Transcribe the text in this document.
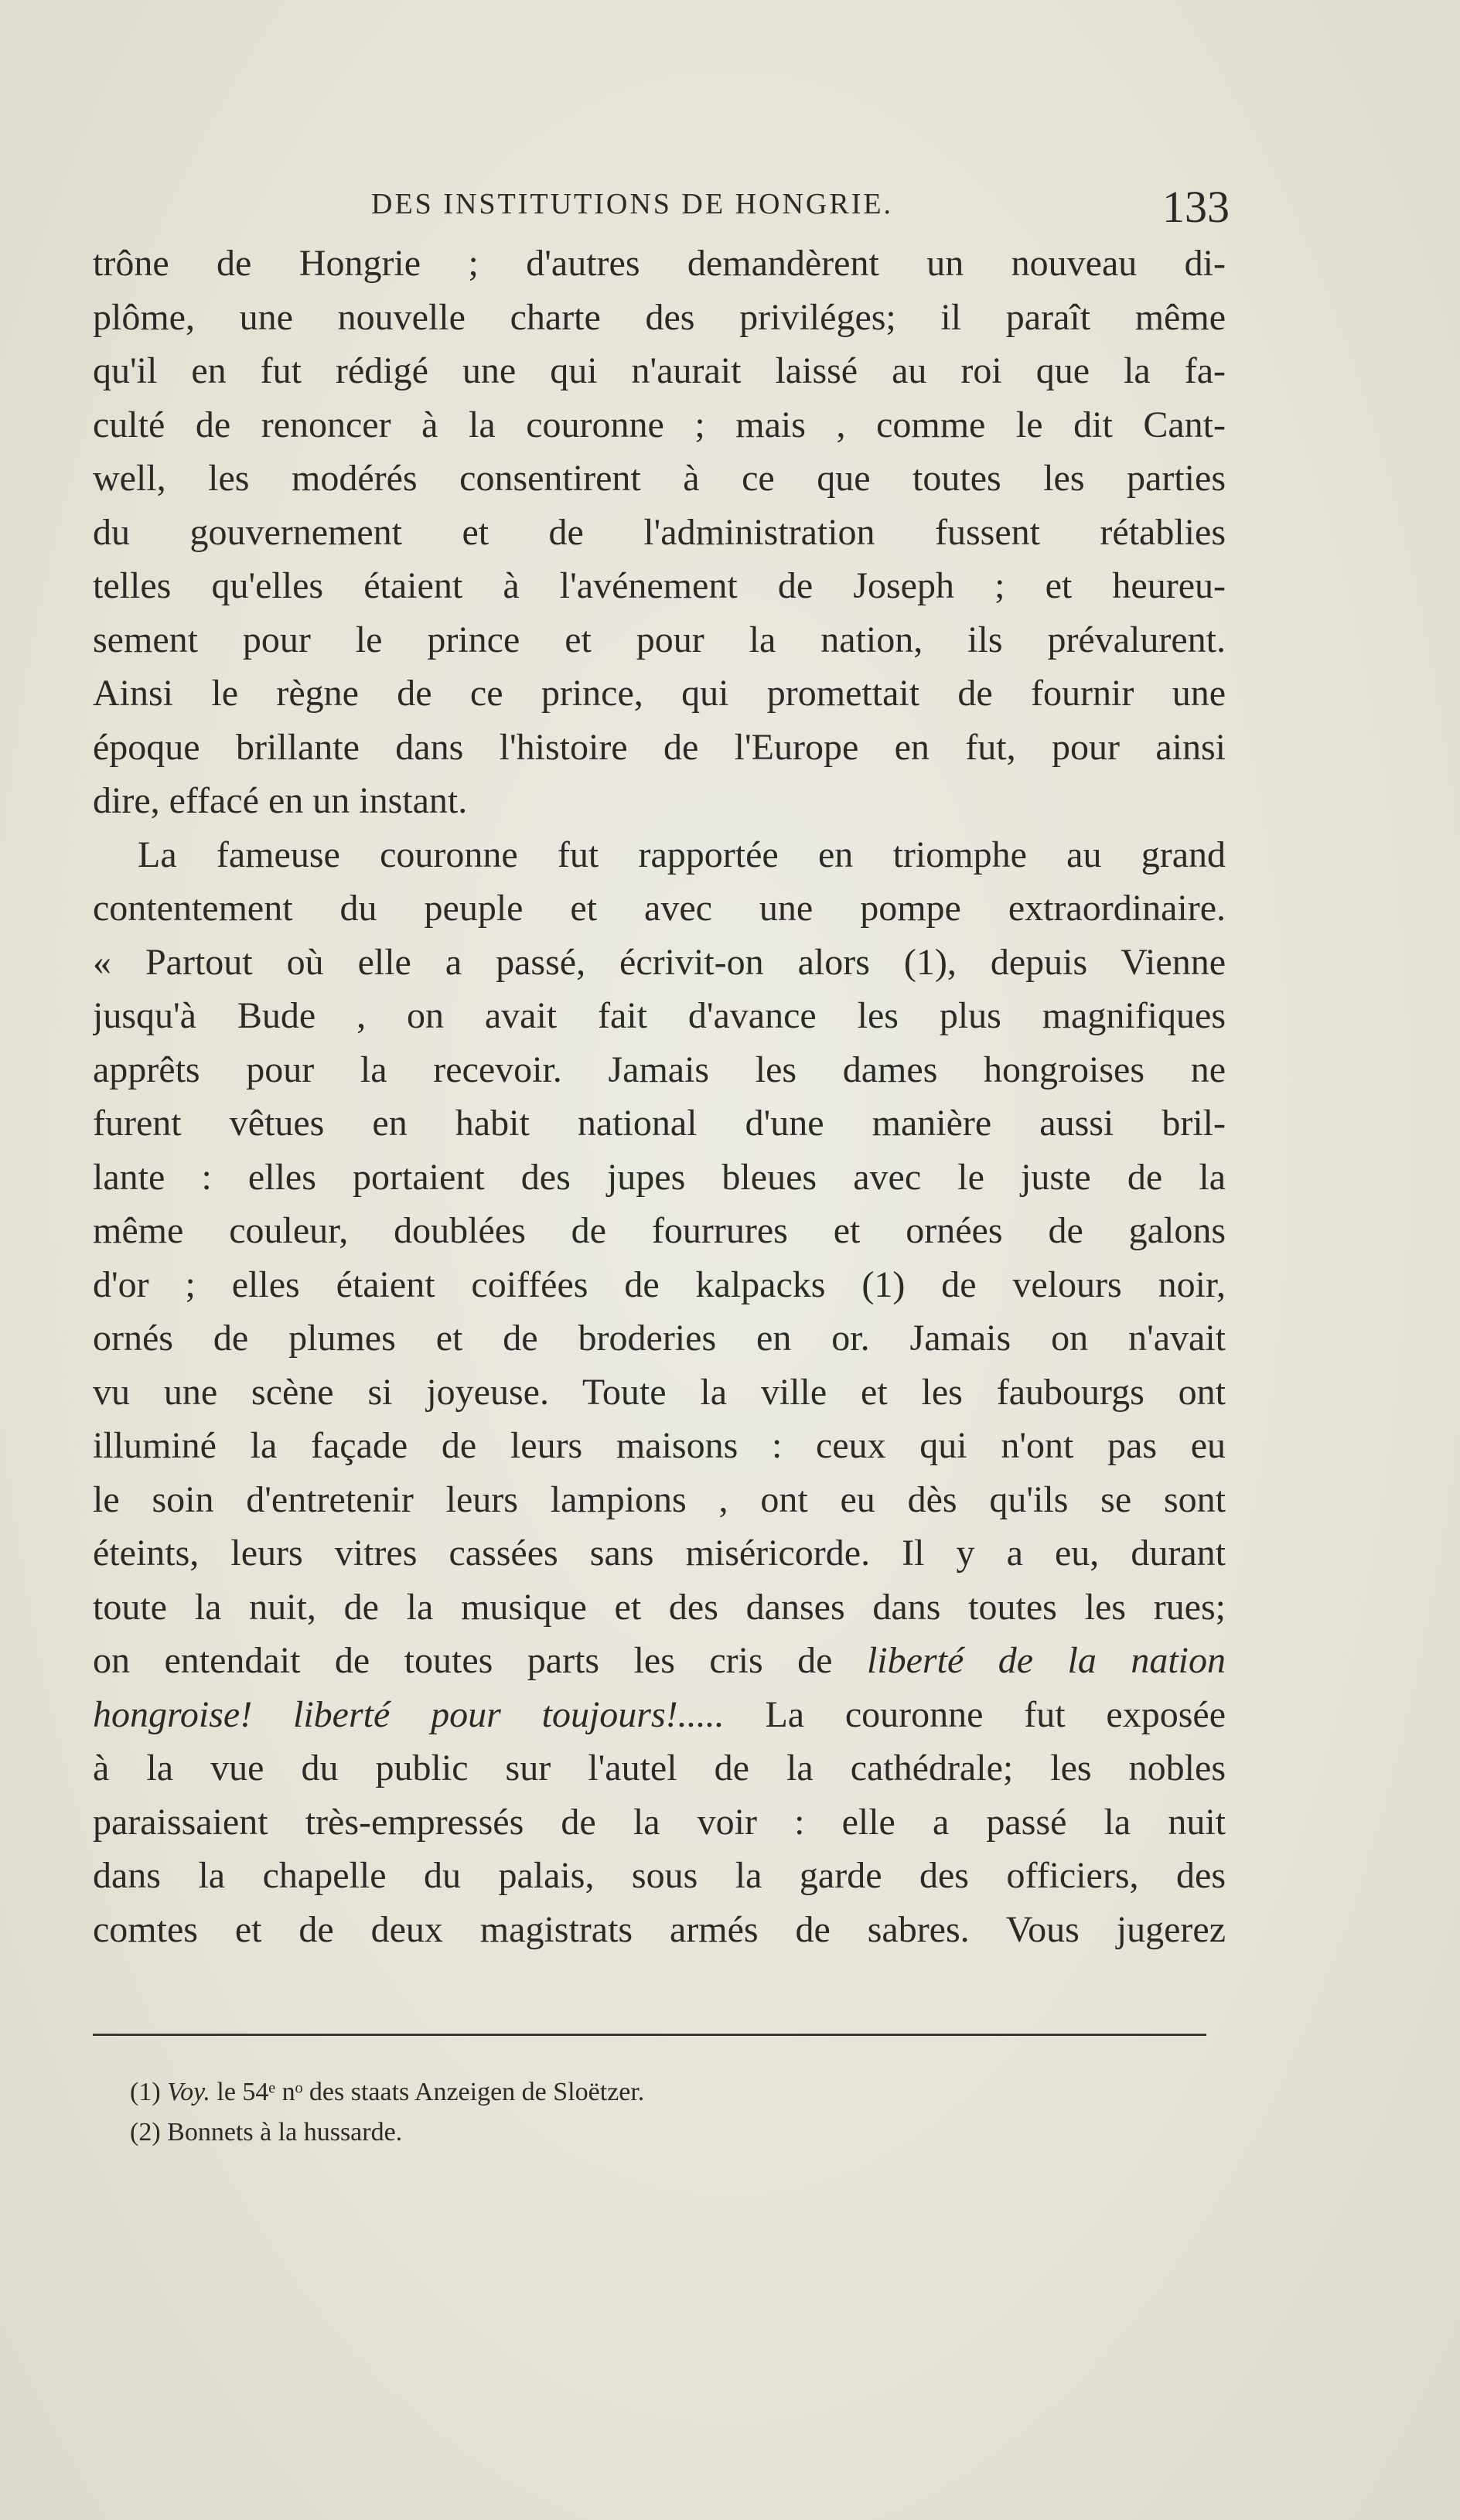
DES INSTITUTIONS DE HONGRIE.	133
trône de Hongrie ; d'autres demandèrent un nouveau di-
plôme, une nouvelle charte des priviléges; il paraît même
qu'il en fut rédigé une qui n'aurait laissé au roi que la fa-
culté de renoncer à la couronne ; mais , comme le dit Cant-
well, les modérés consentirent à ce que toutes les parties
du gouvernement et de l'administration fussent rétablies
telles qu'elles étaient à l'avénement de Joseph ; et heureu-
sement pour le prince et pour la nation, ils prévalurent.
Ainsi le règne de ce prince, qui promettait de fournir une
époque brillante dans l'histoire de l'Europe en fut, pour ainsi
dire, effacé en un instant.
La fameuse couronne fut rapportée en triomphe au grand
contentement du peuple et avec une pompe extraordinaire.
« Partout où elle a passé, écrivit-on alors (1), depuis Vienne
jusqu'à Bude , on avait fait d'avance les plus magnifiques
apprêts pour la recevoir. Jamais les dames hongroises ne
furent vêtues en habit national d'une manière aussi bril-
lante : elles portaient des jupes bleues avec le juste de la
même couleur, doublées de fourrures et ornées de galons
d'or ; elles étaient coiffées de kalpacks (1) de velours noir,
ornés de plumes et de broderies en or. Jamais on n'avait
vu une scène si joyeuse. Toute la ville et les faubourgs ont
illuminé la façade de leurs maisons : ceux qui n'ont pas eu
le soin d'entretenir leurs lampions , ont eu dès qu'ils se sont
éteints, leurs vitres cassées sans miséricorde. Il y a eu, durant
toute la nuit, de la musique et des danses dans toutes les rues;
on entendait de toutes parts les cris de liberté de la nation
hongroise! liberté pour toujours!..... La couronne fut exposée
à la vue du public sur l'autel de la cathédrale; les nobles
paraissaient très-empressés de la voir : elle a passé la nuit
dans la chapelle du palais, sous la garde des officiers, des
comtes et de deux magistrats armés de sabres. Vous jugerez
(1) Voy. le 54ᵉ nᵒ des staats Anzeigen de Sloëtzer.
(2) Bonnets à la hussarde.
